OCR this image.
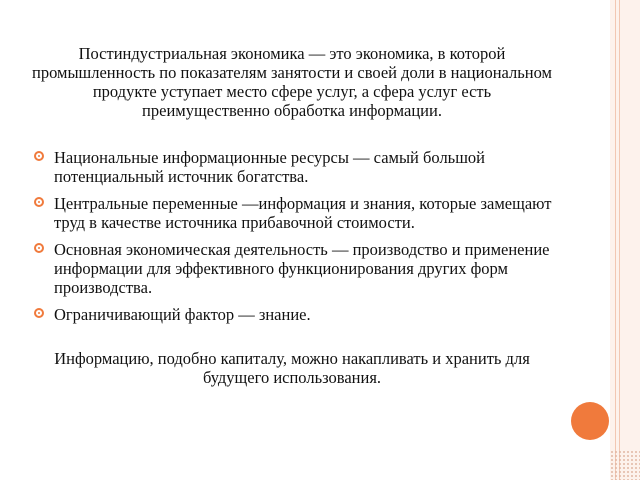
Постиндустриальная экономика — это экономика, в которой промышленность по показателям занятости и своей доли в национальном продукте уступает место сфере услуг, а сфера услуг есть преимущественно обработка информации.

Национальные информационные ресурсы — самый большой потенциальный источник богатства.
Центральные переменные —информация и знания, которые замещают труд в качестве источника прибавочной стоимости.
Основная экономическая деятельность — производство и применение информации для эффективного функционирования других форм производства.
Ограничивающий фактор — знание.

Информацию, подобно капиталу, можно накапливать и хранить для будущего использования.
